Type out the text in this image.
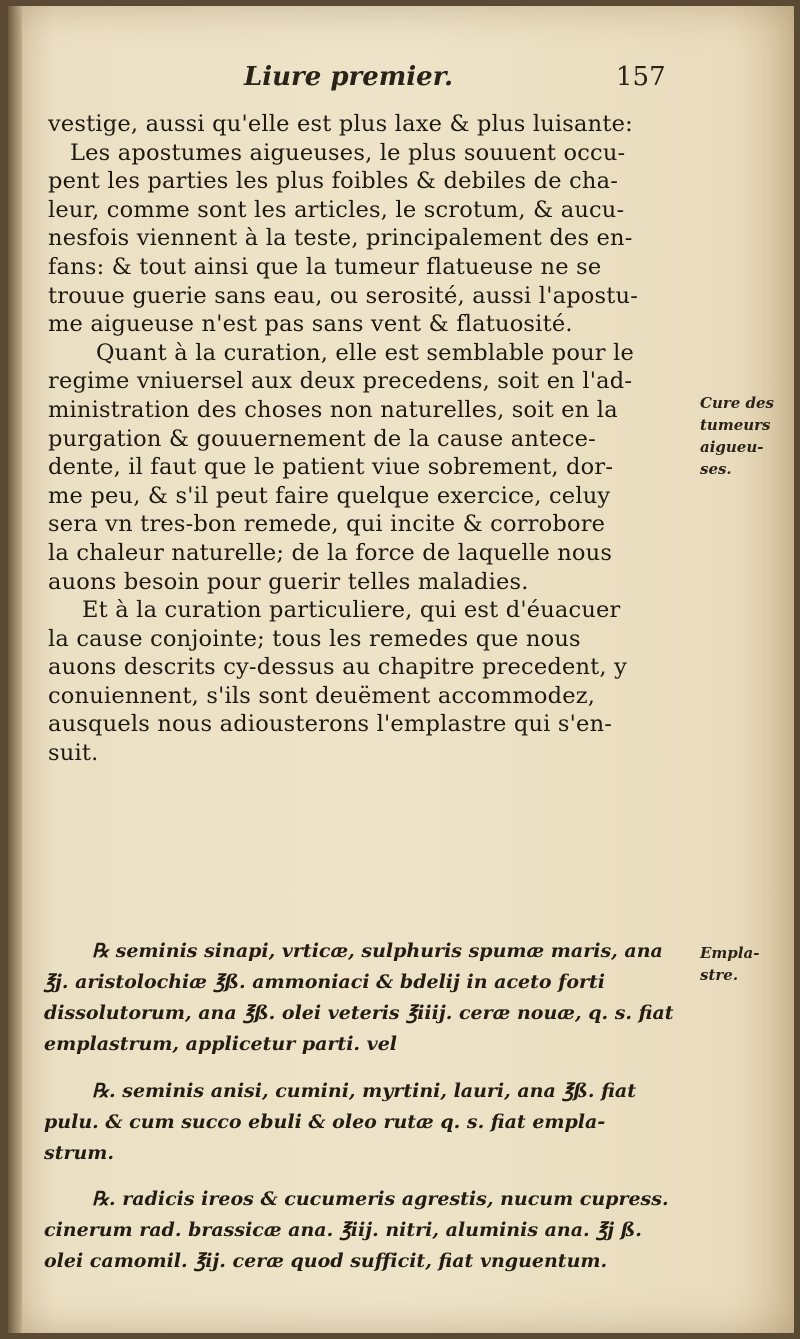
Liure premier.	157
vestige, aussi qu'elle est plus laxe & plus luisante:
Les apostumes aigueuses, le plus souuent occu-
pent les parties les plus foibles & debiles de cha-
leur, comme sont les articles, le scrotum, & aucu-
nesfois viennent à la teste, principalement des en-
fans: & tout ainsi que la tumeur flatueuse ne se
trouue guerie sans eau, ou serosité, aussi l'apostu-
me aigueuse n'est pas sans vent & flatuosité.
Quant à la curation, elle est semblable pour le
regime vniuersel aux deux precedens, soit en l'ad-
ministration des choses non naturelles, soit en la
purgation & gouuernement de la cause antece-
dente, il faut que le patient viue sobrement, dor-
me peu, & s'il peut faire quelque exercice, celuy
sera vn tres-bon remede, qui incite & corrobore
la chaleur naturelle; de la force de laquelle nous
auons besoin pour guerir telles maladies.
Et à la curation particuliere, qui est d'éuacuer
la cause conjointe; tous les remedes que nous
auons descrits cy-dessus au chapitre precedent, y
conuiennent, s'ils sont deuëment accommodez,
ausquels nous adiousterons l'emplastre qui s'en-
suit.
Cure des
tumeurs
aigueu-
ses.
Empla-
stre.
℞ seminis sinapi, vrticæ, sulphuris spumæ maris, ana
℥j. aristolochiæ ℥ß. ammoniaci & bdelij in aceto forti
dissolutorum, ana ℥ß. olei veteris ℥iiij. ceræ nouæ, q. s. fiat
emplastrum, applicetur parti. vel
℞. seminis anisi, cumini, myrtini, lauri, ana ℥ß. fiat
pulu. & cum succo ebuli & oleo rutæ q. s. fiat empla-
strum.
℞. radicis ireos & cucumeris agrestis, nucum cupress.
cinerum rad. brassicæ ana. ℥iij. nitri, aluminis ana. ℥j ß.
olei camomil. ℥ij. ceræ quod sufficit, fiat vnguentum.
